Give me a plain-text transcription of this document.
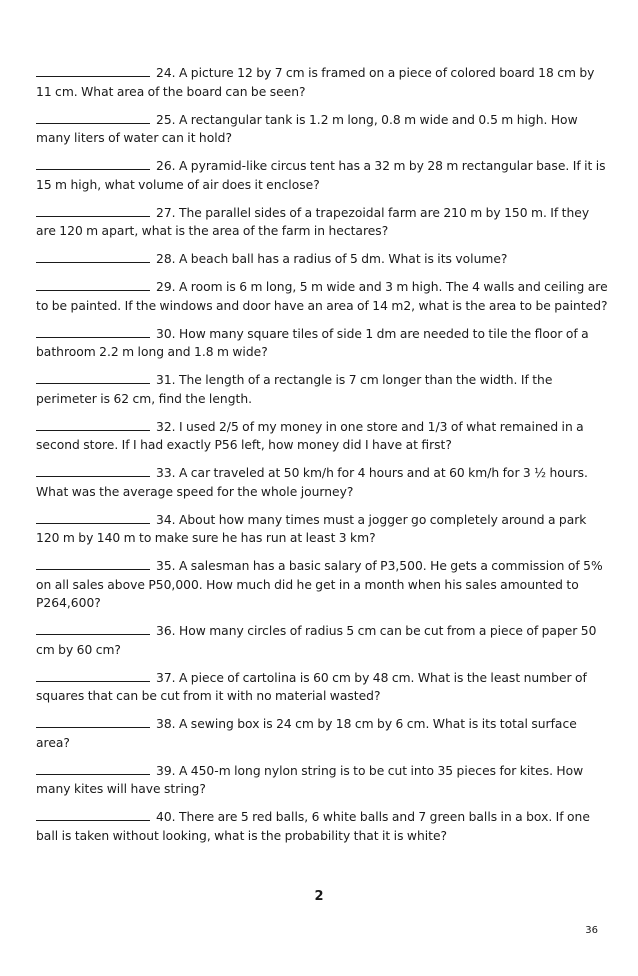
24. A picture 12 by 7 cm is framed on a piece of colored board 18 cm by 11 cm. What area of the board can be seen?

25. A rectangular tank is 1.2 m long, 0.8 m wide and 0.5 m high. How many liters of water can it hold?

26. A pyramid-like circus tent has a 32 m by 28 m rectangular base. If it is 15 m high, what volume of air does it enclose?

27. The parallel sides of a trapezoidal farm are 210 m by 150 m. If they are 120 m apart, what is the area of the farm in hectares?

28. A beach ball has a radius of 5 dm. What is its volume?

29. A room is 6 m long, 5 m wide and 3 m high. The 4 walls and ceiling are to be painted. If the windows and door have an area of 14 m2, what is the area to be painted?

30. How many square tiles of side 1 dm are needed to tile the floor of a bathroom 2.2 m long and 1.8 m wide?

31. The length of a rectangle is 7 cm longer than the width. If the perimeter is 62 cm, find the length.

32. I used 2/5 of my money in one store and 1/3 of what remained in a second store. If I had exactly P56 left, how money did I have at first?

33. A car traveled at 50 km/h for 4 hours and at 60 km/h for 3 ½ hours. What was the average speed for the whole journey?

34. About how many times must a jogger go completely around a park 120 m by 140 m to make sure he has run at least 3 km?

35. A salesman has a basic salary of P3,500. He gets a commission of 5% on all sales above P50,000. How much did he get in a month when his sales amounted to P264,600?

36. How many circles of radius 5 cm can be cut from a piece of paper 50 cm by 60 cm?

37. A piece of cartolina is 60 cm by 48 cm. What is the least number of squares that can be cut from it with no material wasted?

38. A sewing box is 24 cm by 18 cm by 6 cm. What is its total surface area?

39. A 450-m long nylon string is to be cut into 35 pieces for kites. How many kites will have string?

40. There are 5 red balls, 6 white balls and 7 green balls in a box. If one ball is taken without looking, what is the probability that it is white?

2
36
